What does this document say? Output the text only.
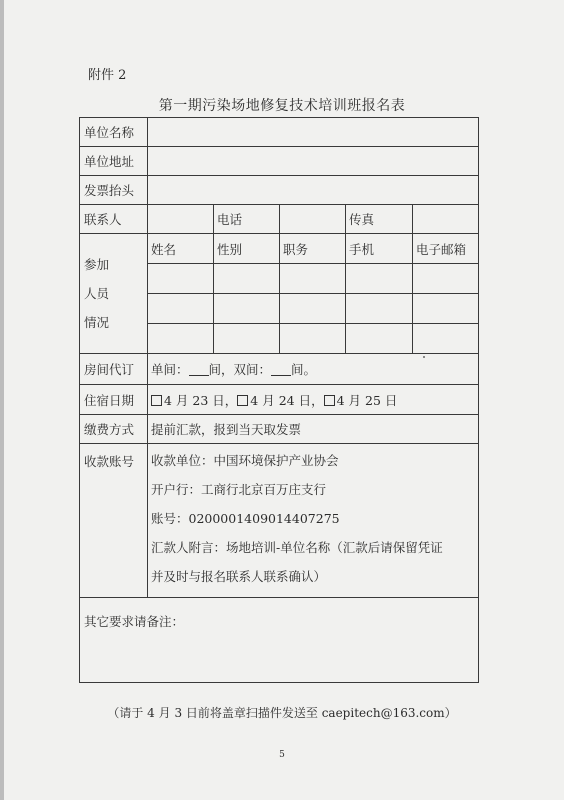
附件 2
第一期污染场地修复技术培训班报名表
单位名称					
单位地址					
发票抬头					
联系人		电话		传真	

参加
人员
情况	姓名	性别	职务	手机	电子邮箱

房间代订	单间： 间，双间： 间。				
住宿日期	4 月 23 日， 4 月 24 日， 4 月 25 日				
缴费方式	提前汇款，报到当天取发票				
收款账号	收款单位：中国环境保护产业协会
开户行：工商行北京百万庄支行
账号：0200001409014407275
汇款人附言：场地培训-单位名称（汇款后请保留凭证
并及时与报名联系人联系确认）				

其它要求请备注：					
（请于 4 月 3 日前将盖章扫描件发送至 caepitech@163.com）
5
